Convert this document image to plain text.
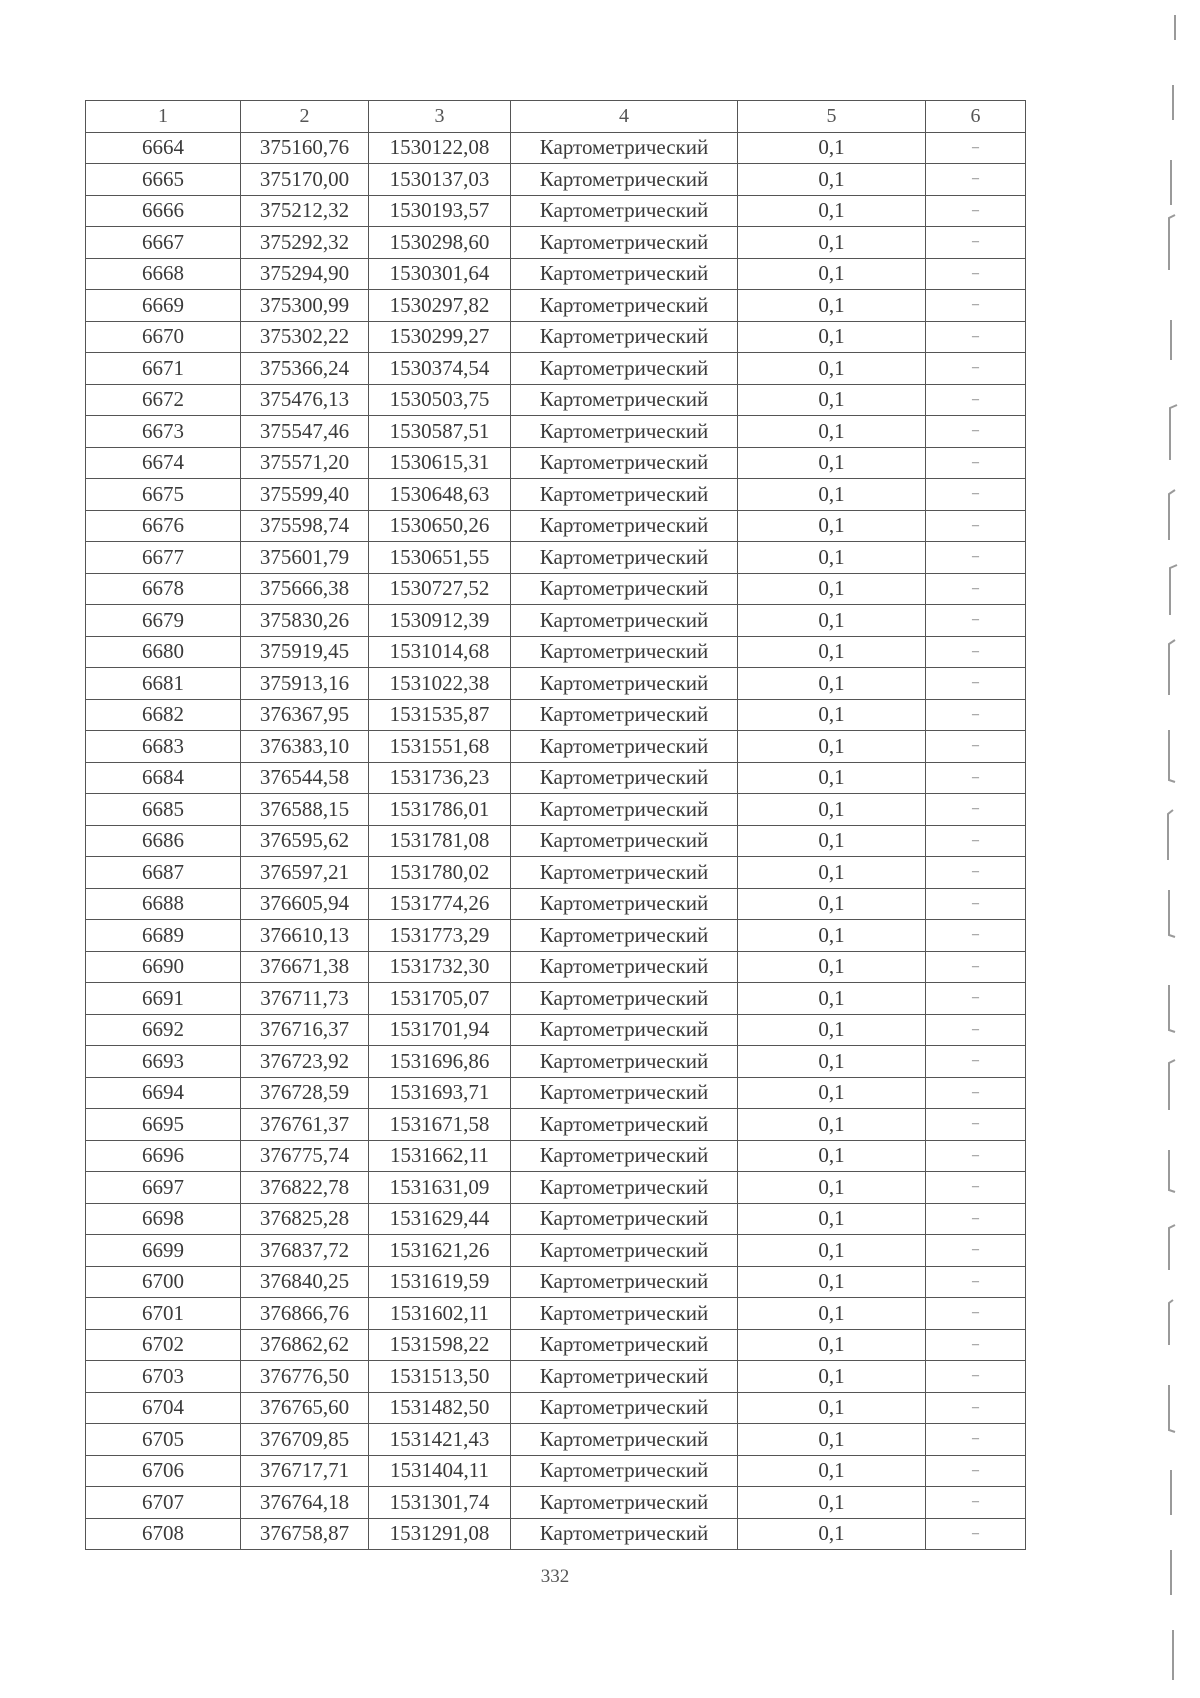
1	2	3	4	5	6
6664	375160,76	1530122,08	Картометрический	0,1	–
6665	375170,00	1530137,03	Картометрический	0,1	–
6666	375212,32	1530193,57	Картометрический	0,1	–
6667	375292,32	1530298,60	Картометрический	0,1	–
6668	375294,90	1530301,64	Картометрический	0,1	–
6669	375300,99	1530297,82	Картометрический	0,1	–
6670	375302,22	1530299,27	Картометрический	0,1	–
6671	375366,24	1530374,54	Картометрический	0,1	–
6672	375476,13	1530503,75	Картометрический	0,1	–
6673	375547,46	1530587,51	Картометрический	0,1	–
6674	375571,20	1530615,31	Картометрический	0,1	–
6675	375599,40	1530648,63	Картометрический	0,1	–
6676	375598,74	1530650,26	Картометрический	0,1	–
6677	375601,79	1530651,55	Картометрический	0,1	–
6678	375666,38	1530727,52	Картометрический	0,1	–
6679	375830,26	1530912,39	Картометрический	0,1	–
6680	375919,45	1531014,68	Картометрический	0,1	–
6681	375913,16	1531022,38	Картометрический	0,1	–
6682	376367,95	1531535,87	Картометрический	0,1	–
6683	376383,10	1531551,68	Картометрический	0,1	–
6684	376544,58	1531736,23	Картометрический	0,1	–
6685	376588,15	1531786,01	Картометрический	0,1	–
6686	376595,62	1531781,08	Картометрический	0,1	–
6687	376597,21	1531780,02	Картометрический	0,1	–
6688	376605,94	1531774,26	Картометрический	0,1	–
6689	376610,13	1531773,29	Картометрический	0,1	–
6690	376671,38	1531732,30	Картометрический	0,1	–
6691	376711,73	1531705,07	Картометрический	0,1	–
6692	376716,37	1531701,94	Картометрический	0,1	–
6693	376723,92	1531696,86	Картометрический	0,1	–
6694	376728,59	1531693,71	Картометрический	0,1	–
6695	376761,37	1531671,58	Картометрический	0,1	–
6696	376775,74	1531662,11	Картометрический	0,1	–
6697	376822,78	1531631,09	Картометрический	0,1	–
6698	376825,28	1531629,44	Картометрический	0,1	–
6699	376837,72	1531621,26	Картометрический	0,1	–
6700	376840,25	1531619,59	Картометрический	0,1	–
6701	376866,76	1531602,11	Картометрический	0,1	–
6702	376862,62	1531598,22	Картометрический	0,1	–
6703	376776,50	1531513,50	Картометрический	0,1	–
6704	376765,60	1531482,50	Картометрический	0,1	–
6705	376709,85	1531421,43	Картометрический	0,1	–
6706	376717,71	1531404,11	Картометрический	0,1	–
6707	376764,18	1531301,74	Картометрический	0,1	–
6708	376758,87	1531291,08	Картометрический	0,1	–
332
